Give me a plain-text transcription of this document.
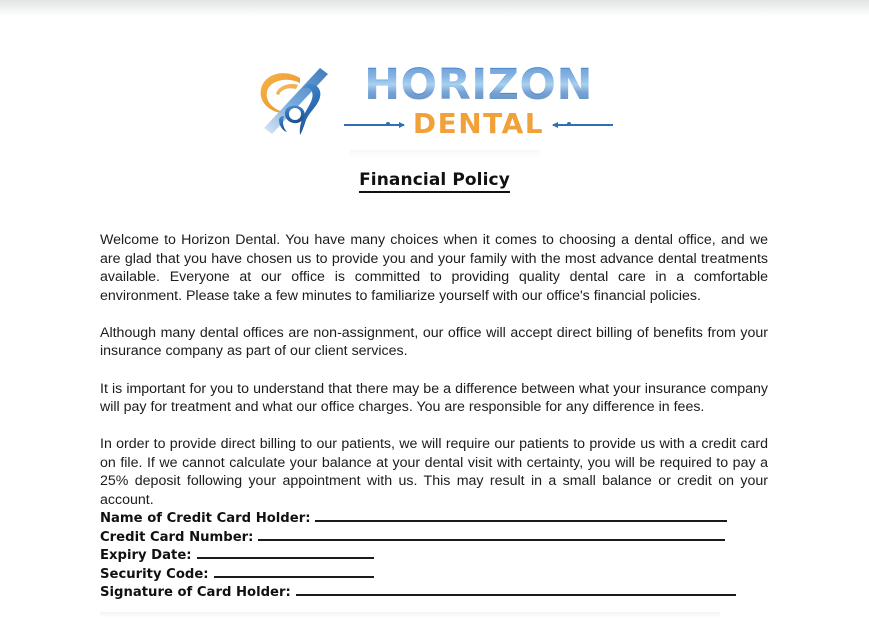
HORIZON
DENTAL
Financial Policy

Welcome to Horizon Dental. You have many choices when it comes to choosing a dental office, and we are glad that you have chosen us to provide you and your family with the most advance dental treatments available. Everyone at our office is committed to providing quality dental care in a comfortable environment. Please take a few minutes to familiarize yourself with our office's financial policies.

Although many dental offices are non-assignment, our office will accept direct billing of benefits from your insurance company as part of our client services.

It is important for you to understand that there may be a difference between what your insurance company will pay for treatment and what our office charges. You are responsible for any difference in fees.

In order to provide direct billing to our patients, we will require our patients to provide us with a credit card on file. If we cannot calculate your balance at your dental visit with certainty, you will be required to pay a 25% deposit following your appointment with us. This may result in a small balance or credit on your account.

Name of Credit Card Holder:
Credit Card Number:
Expiry Date:
Security Code:
Signature of Card Holder:
